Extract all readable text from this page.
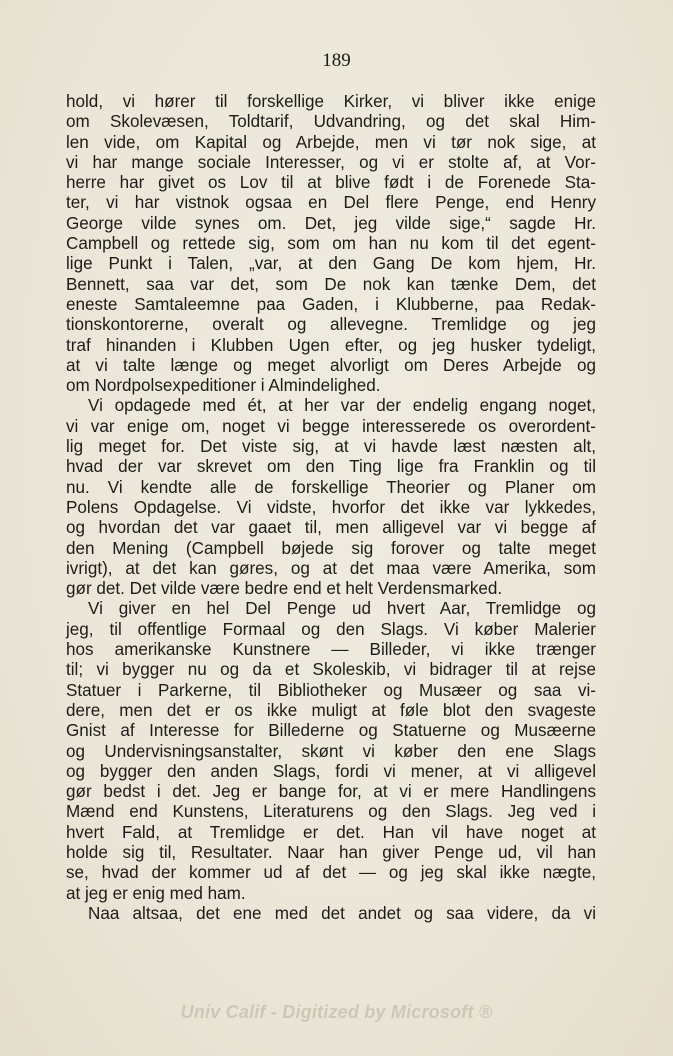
189
hold, vi hører til forskellige Kirker, vi bliver ikke enige
om Skolevæsen, Toldtarif, Udvandring, og det skal Him-
len vide, om Kapital og Arbejde, men vi tør nok sige, at
vi har mange sociale Interesser, og vi er stolte af, at Vor-
herre har givet os Lov til at blive født i de Forenede Sta-
ter, vi har vistnok ogsaa en Del flere Penge, end Henry
George vilde synes om. Det, jeg vilde sige,“ sagde Hr.
Campbell og rettede sig, som om han nu kom til det egent-
lige Punkt i Talen, „var, at den Gang De kom hjem, Hr.
Bennett, saa var det, som De nok kan tænke Dem, det
eneste Samtaleemne paa Gaden, i Klubberne, paa Redak-
tionskontorerne, overalt og allevegne. Tremlidge og jeg
traf hinanden i Klubben Ugen efter, og jeg husker tydeligt,
at vi talte længe og meget alvorligt om Deres Arbejde og
om Nordpolsexpeditioner i Almindelighed.
Vi opdagede med ét, at her var der endelig engang noget,
vi var enige om, noget vi begge interesserede os overordent-
lig meget for. Det viste sig, at vi havde læst næsten alt,
hvad der var skrevet om den Ting lige fra Franklin og til
nu. Vi kendte alle de forskellige Theorier og Planer om
Polens Opdagelse. Vi vidste, hvorfor det ikke var lykkedes,
og hvordan det var gaaet til, men alligevel var vi begge af
den Mening (Campbell bøjede sig forover og talte meget
ivrigt), at det kan gøres, og at det maa være Amerika, som
gør det. Det vilde være bedre end et helt Verdensmarked.
Vi giver en hel Del Penge ud hvert Aar, Tremlidge og
jeg, til offentlige Formaal og den Slags. Vi køber Malerier
hos amerikanske Kunstnere — Billeder, vi ikke trænger
til; vi bygger nu og da et Skoleskib, vi bidrager til at rejse
Statuer i Parkerne, til Bibliotheker og Musæer og saa vi-
dere, men det er os ikke muligt at føle blot den svageste
Gnist af Interesse for Billederne og Statuerne og Musæerne
og Undervisningsanstalter, skønt vi køber den ene Slags
og bygger den anden Slags, fordi vi mener, at vi alligevel
gør bedst i det. Jeg er bange for, at vi er mere Handlingens
Mænd end Kunstens, Literaturens og den Slags. Jeg ved i
hvert Fald, at Tremlidge er det. Han vil have noget at
holde sig til, Resultater. Naar han giver Penge ud, vil han
se, hvad der kommer ud af det — og jeg skal ikke nægte,
at jeg er enig med ham.
Naa altsaa, det ene med det andet og saa videre, da vi
Univ Calif - Digitized by Microsoft ®
